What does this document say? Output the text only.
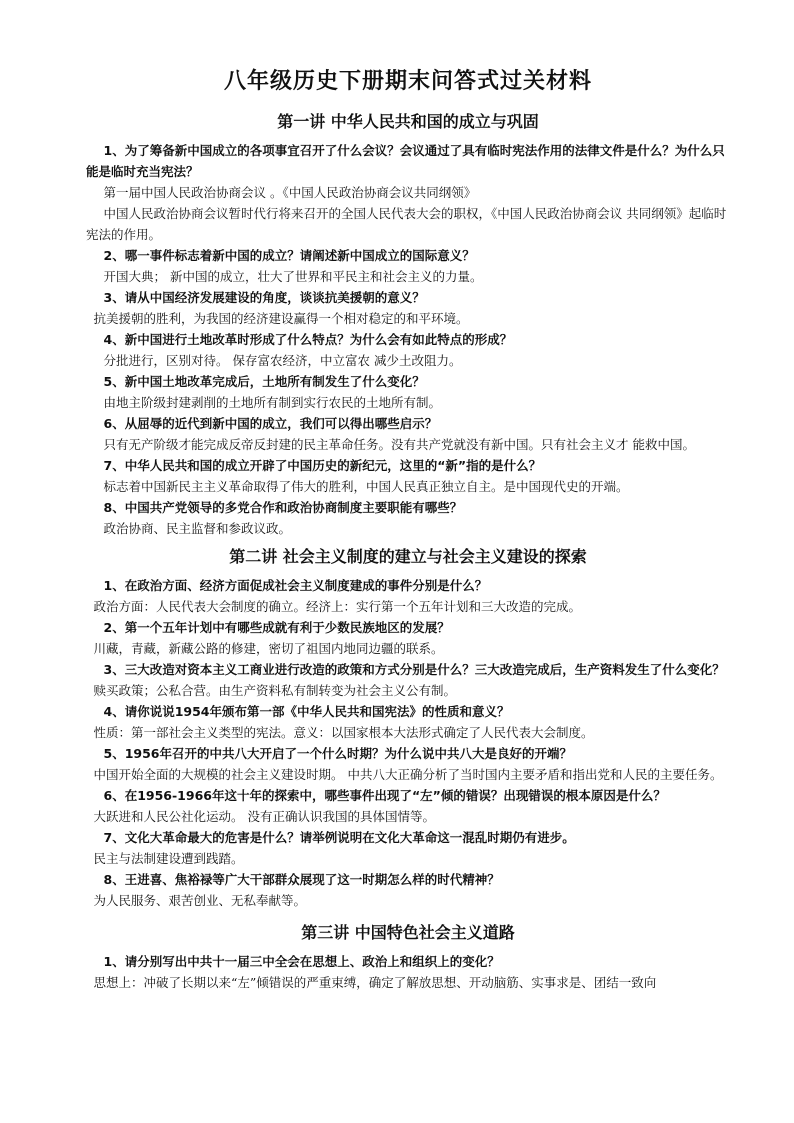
八年级历史下册期末问答式过关材料
第一讲 中华人民共和国的成立与巩固

1、为了筹备新中国成立的各项事宜召开了什么会议？会议通过了具有临时宪法作用的法律文件是什么？为什么只能是临时充当宪法？

第一届中国人民政治协商会议 。《中国人民政治协商会议共同纲领》

中国人民政治协商会议暂时代行将来召开的全国人民代表大会的职权，《中国人民政治协商会议 共同纲领》起临时宪法的作用。

2、哪一事件标志着新中国的成立？请阐述新中国成立的国际意义？

开国大典； 新中国的成立，壮大了世界和平民主和社会主义的力量。

3、请从中国经济发展建设的角度，谈谈抗美援朝的意义？

抗美援朝的胜利，为我国的经济建设赢得一个相对稳定的和平环境。

4、新中国进行土地改革时形成了什么特点？为什么会有如此特点的形成？

分批进行，区别对待。 保存富农经济，中立富农 减少土改阻力。

5、新中国土地改革完成后，土地所有制发生了什么变化？

由地主阶级封建剥削的土地所有制到实行农民的土地所有制。

6、从屈辱的近代到新中国的成立，我们可以得出哪些启示？

只有无产阶级才能完成反帝反封建的民主革命任务。没有共产党就没有新中国。只有社会主义才 能救中国。

7、中华人民共和国的成立开辟了中国历史的新纪元，这里的“新”指的是什么？

标志着中国新民主主义革命取得了伟大的胜利，中国人民真正独立自主。是中国现代史的开端。

8、中国共产党领导的多党合作和政治协商制度主要职能有哪些？

政治协商、民主监督和参政议政。

第二讲 社会主义制度的建立与社会主义建设的探索

1、在政治方面、经济方面促成社会主义制度建成的事件分别是什么？

政治方面：人民代表大会制度的确立。经济上：实行第一个五年计划和三大改造的完成。

2、第一个五年计划中有哪些成就有利于少数民族地区的发展？

川藏，青藏，新藏公路的修建，密切了祖国内地同边疆的联系。

3、三大改造对资本主义工商业进行改造的政策和方式分别是什么？三大改造完成后，生产资料发生了什么变化？

赎买政策；公私合营。由生产资料私有制转变为社会主义公有制。

4、请你说说1954年颁布第一部《中华人民共和国宪法》的性质和意义？

性质：第一部社会主义类型的宪法。意义：以国家根本大法形式确定了人民代表大会制度。

5、1956年召开的中共八大开启了一个什么时期？为什么说中共八大是良好的开端？

中国开始全面的大规模的社会主义建设时期。 中共八大正确分析了当时国内主要矛盾和指出党和人民的主要任务。

6、在1956-1966年这十年的探索中，哪些事件出现了“左”倾的错误？出现错误的根本原因是什么？

大跃进和人民公社化运动。 没有正确认识我国的具体国情等。

7、文化大革命最大的危害是什么？请举例说明在文化大革命这一混乱时期仍有进步。

民主与法制建设遭到践踏。

8、王进喜、焦裕禄等广大干部群众展现了这一时期怎么样的时代精神？

为人民服务、艰苦创业、无私奉献等。

第三讲 中国特色社会主义道路

1、请分别写出中共十一届三中全会在思想上、政治上和组织上的变化？

思想上：冲破了长期以来“左”倾错误的严重束缚，确定了解放思想、开动脑筋、实事求是、团结一致向
